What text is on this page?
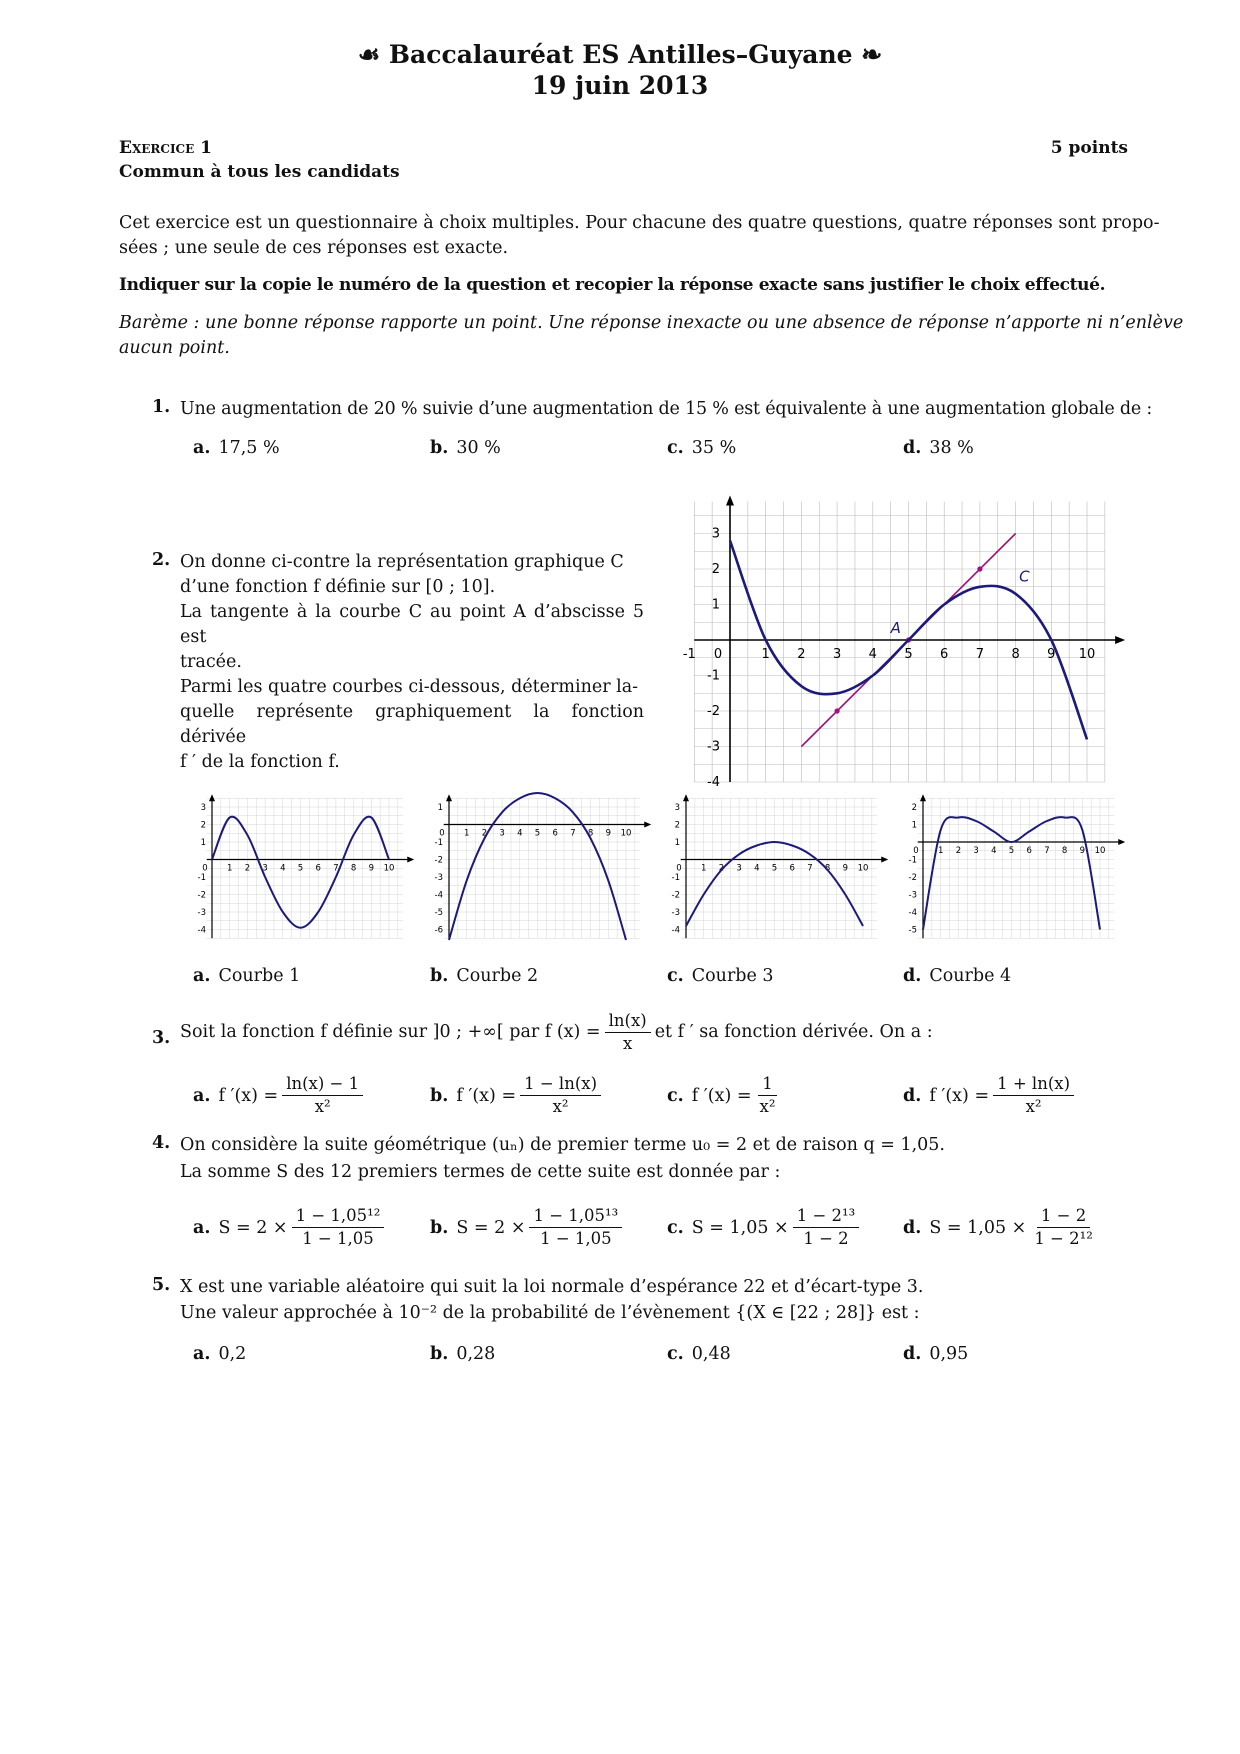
☙ Baccalauréat ES Antilles–Guyane ❧
19 juin 2013
Exercice 1	5 points
Commun à tous les candidats
Cet exercice est un questionnaire à choix multiples. Pour chacune des quatre questions, quatre réponses sont propo-
sées ; une seule de ces réponses est exacte.
Indiquer sur la copie le numéro de la question et recopier la réponse exacte sans justifier le choix effectué.
Barème : une bonne réponse rapporte un point. Une réponse inexacte ou une absence de réponse n’apporte ni n’enlève
aucun point.
1. Une augmentation de 20 % suivie d’une augmentation de 15 % est équivalente à une augmentation globale de :
a. 17,5 %	b. 30 %	c. 35 %	d. 38 %
2. On donne ci-contre la représentation graphique C
d’une fonction f définie sur [0 ; 10].
La tangente à la courbe C au point A d’abscisse 5 est
tracée.
Parmi les quatre courbes ci-dessous, déterminer la-
quelle représente graphiquement la fonction dérivée
f ′ de la fonction f.
-1 0	1 2 3 4 5 6 7 8 9 10
3
2
1
-1
-2
-3
-4
C
A
1 2 3 4 5 6 7 8 9 10
0
-4
-3
-2
-1
1
2
3
1 2 3 4 5 6 7 8 9 10
0
-6
-5
-4
-3
-2
-1
1
1 2 3 4 5 6 7 8 9 10
0
-4
-3
-2
-1
1
2
3
1 2 3 4 5 6 7 8 9 10
0
-5
-4
-3
-2
-1
1
2
a. Courbe 1	b. Courbe 2	c. Courbe 3	d. Courbe 4
3. Soit la fonction f définie sur ]0 ; +∞[ par f $(x) = \frac{\ln(x)}{x}$ et f ′ sa fonction dérivée. On a :
a. f $'(x) = \frac{\ln(x) - 1}{\text{x²}}$	b. f $'(x) = \frac{1 - \ln(x)}{\text{x²}}$	c. f $'(x) = \frac{1}{\text{x²}}$	d. f $'(x) = \frac{1 + \ln(x)}{\text{x²}}$
4. On considère la suite géométrique (uₙ) de premier terme u₀ = 2 et de raison q = 1,05.
La somme S des 12 premiers termes de cette suite est donnée par :
a. $S = 2 \times \frac{\text{1 − 1,05¹²}}{1 - 1,05}$	b. $S = 2 \times \frac{\text{1 − 1,05¹³}}{1 - 1,05}$	c. $S = 1,05 \times \frac{\text{1 − 2¹³}}{1 - 2} d$. $S = 1,05 \times \frac{1 - 2}{\text{1 − 2¹²}}$
5. X est une variable aléatoire qui suit la loi normale d’espérance 22 et d’écart-type 3.
Une valeur approchée à 10⁻² de la probabilité de l’évènement {(X ∈ [22 ; 28]} est :
a. 0,2	b. 0,28	c. 0,48	d. 0,95
